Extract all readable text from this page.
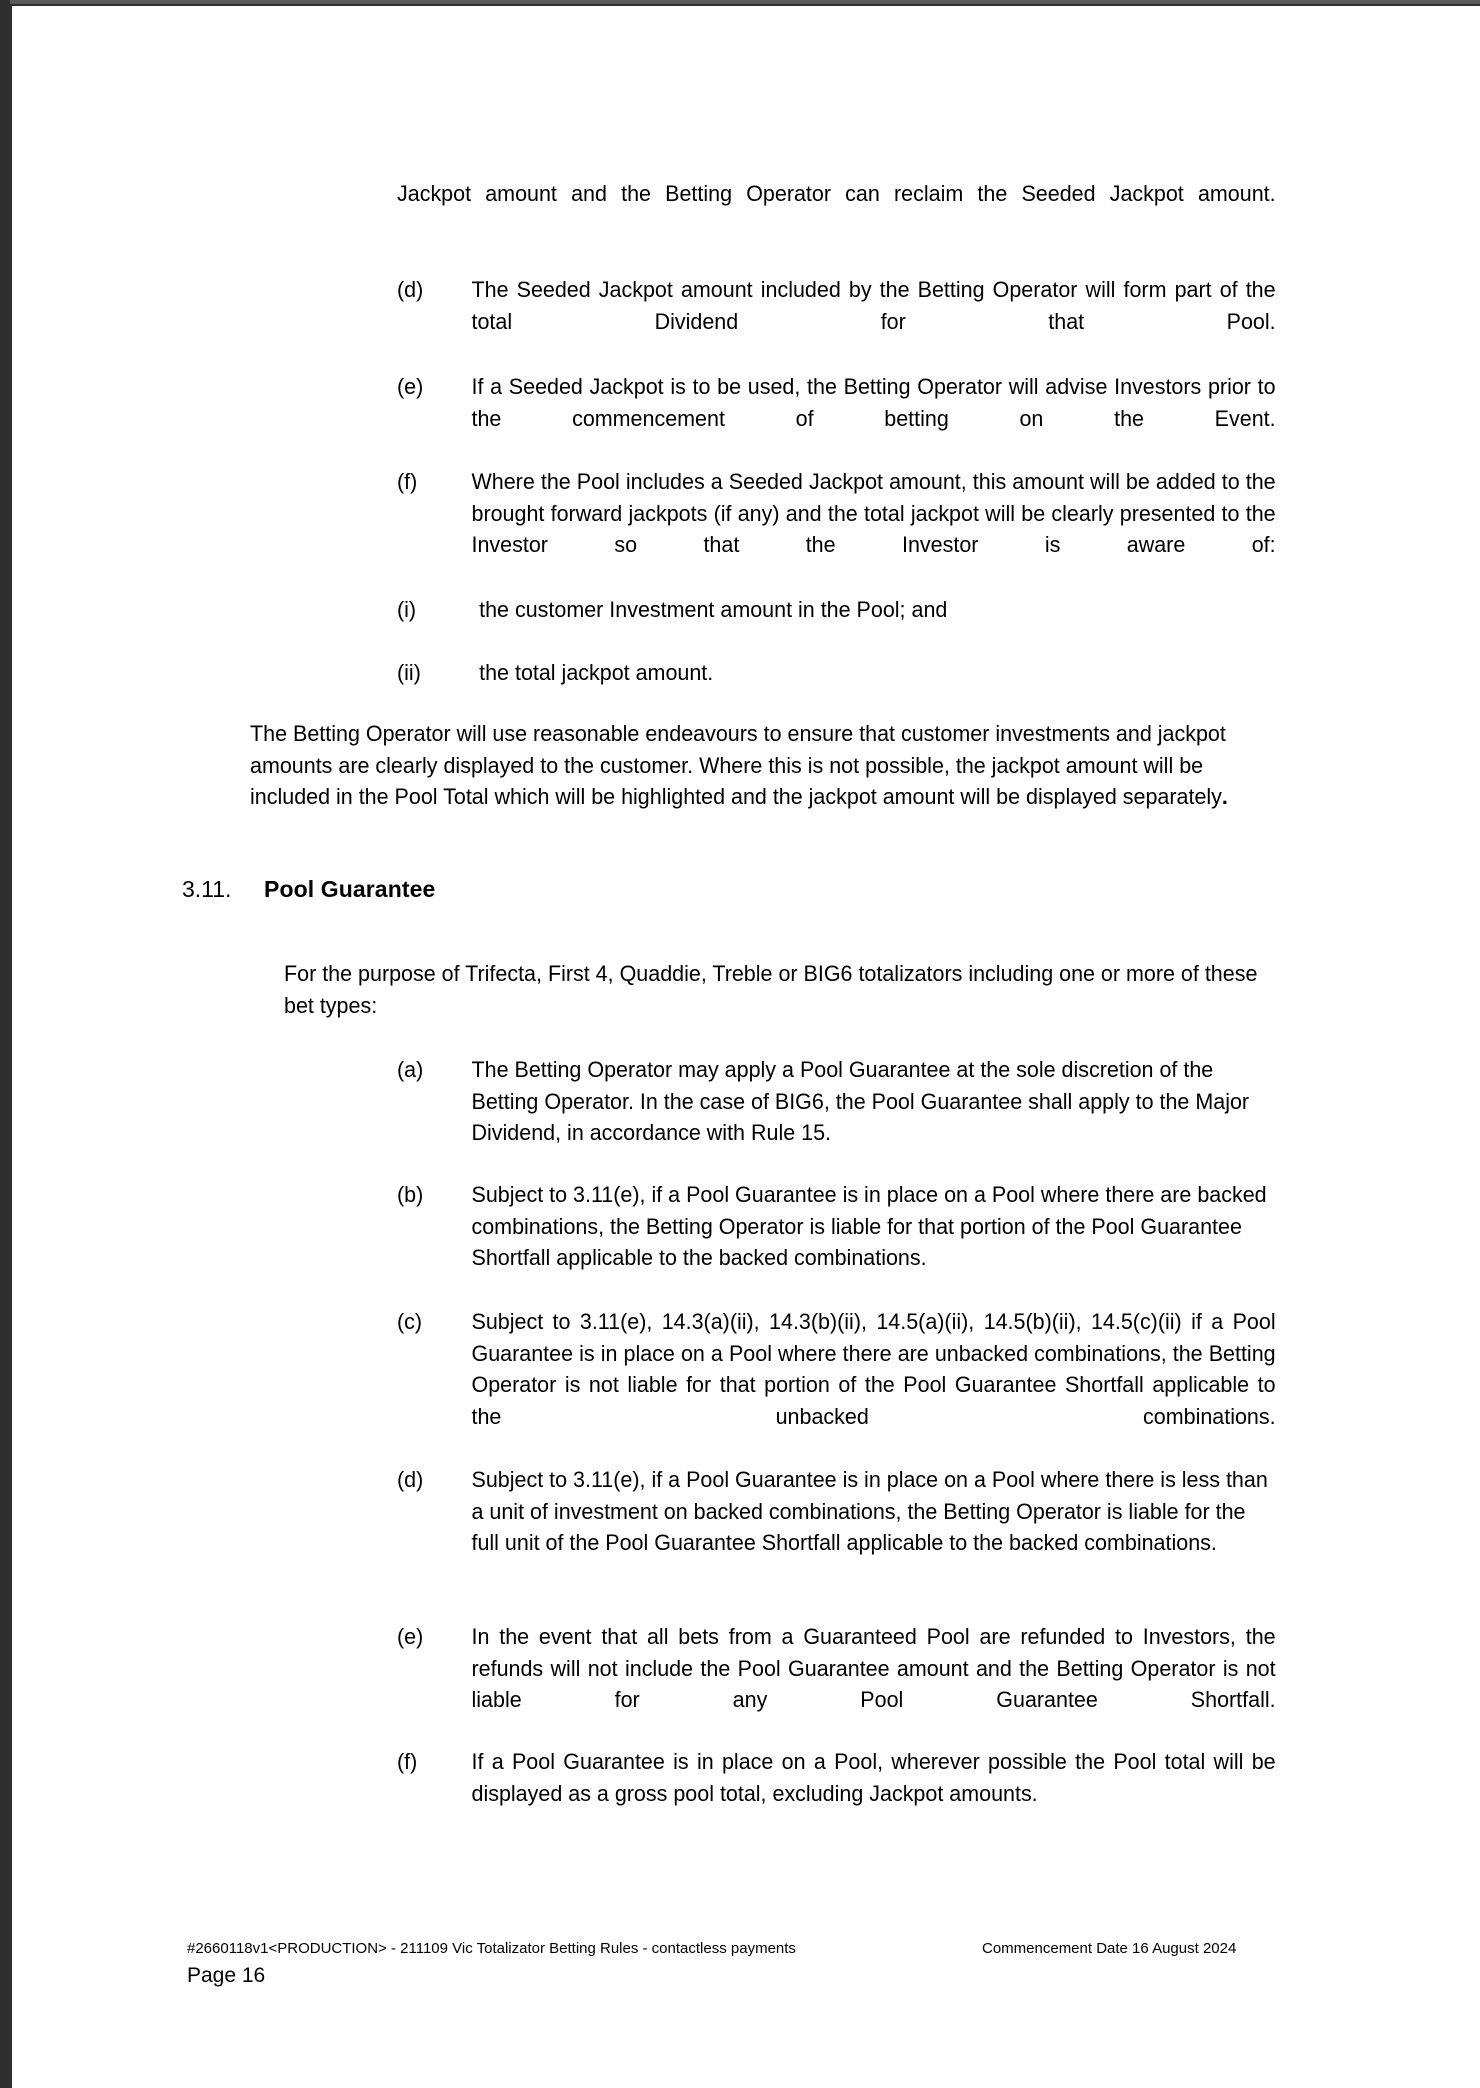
Jackpot amount and the Betting Operator can reclaim the Seeded Jackpot amount.
(d) The Seeded Jackpot amount included by the Betting Operator will form part of the total Dividend for that Pool.
(e) If a Seeded Jackpot is to be used, the Betting Operator will advise Investors prior to the commencement of betting on the Event.
(f) Where the Pool includes a Seeded Jackpot amount, this amount will be added to the brought forward jackpots (if any) and the total jackpot will be clearly presented to the Investor so that the Investor is aware of:
(i)	the customer Investment amount in the Pool; and
(ii)	the total jackpot amount.
The Betting Operator will use reasonable endeavours to ensure that customer investments and jackpot amounts are clearly displayed to the customer. Where this is not possible, the jackpot amount will be included in the Pool Total which will be highlighted and the jackpot amount will be displayed separately.
3.11. Pool Guarantee
For the purpose of Trifecta, First 4, Quaddie, Treble or BIG6 totalizators including one or more of these bet types:
(a) The Betting Operator may apply a Pool Guarantee at the sole discretion of the Betting Operator. In the case of BIG6, the Pool Guarantee shall apply to the Major Dividend, in accordance with Rule 15.
(b) Subject to 3.11(e), if a Pool Guarantee is in place on a Pool where there are backed combinations, the Betting Operator is liable for that portion of the Pool Guarantee Shortfall applicable to the backed combinations.
(c) Subject to 3.11(e), 14.3(a)(ii), 14.3(b)(ii), 14.5(a)(ii), 14.5(b)(ii), 14.5(c)(ii) if a Pool Guarantee is in place on a Pool where there are unbacked combinations, the Betting Operator is not liable for that portion of the Pool Guarantee Shortfall applicable to the unbacked combinations.
(d) Subject to 3.11(e), if a Pool Guarantee is in place on a Pool where there is less than a unit of investment on backed combinations, the Betting Operator is liable for the full unit of the Pool Guarantee Shortfall applicable to the backed combinations.
(e) In the event that all bets from a Guaranteed Pool are refunded to Investors, the refunds will not include the Pool Guarantee amount and the Betting Operator is not liable for any Pool Guarantee Shortfall.
(f) If a Pool Guarantee is in place on a Pool, wherever possible the Pool total will be displayed as a gross pool total, excluding Jackpot amounts.
#2660118v1<PRODUCTION> - 211109 Vic Totalizator Betting Rules - contactless payments	Commencement Date 16 August 2024
Page 16
